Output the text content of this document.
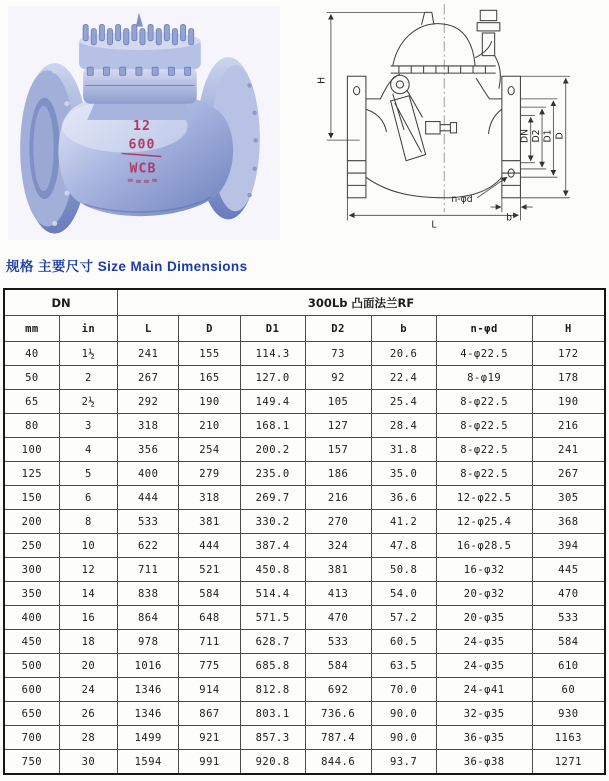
12
600
WCB
H
L
DN D2 D1 D
n-φd
b
规格 主要尺寸 Size Main Dimensions
DN		300Lb 凸面法兰RF						
mm	in	L	D	D1	D2	b	n-φd	H
40	1½	241	155	114.3	73	20.6	4-φ22.5	172
50	2	267	165	127.0	92	22.4	8-φ19	178
65	2½	292	190	149.4	105	25.4	8-φ22.5	190
80	3	318	210	168.1	127	28.4	8-φ22.5	216
100	4	356	254	200.2	157	31.8	8-φ22.5	241
125	5	400	279	235.0	186	35.0	8-φ22.5	267
150	6	444	318	269.7	216	36.6	12-φ22.5	305
200	8	533	381	330.2	270	41.2	12-φ25.4	368
250	10	622	444	387.4	324	47.8	16-φ28.5	394
300	12	711	521	450.8	381	50.8	16-φ32	445
350	14	838	584	514.4	413	54.0	20-φ32	470
400	16	864	648	571.5	470	57.2	20-φ35	533
450	18	978	711	628.7	533	60.5	24-φ35	584
500	20	1016	775	685.8	584	63.5	24-φ35	610
600	24	1346	914	812.8	692	70.0	24-φ41	60
650	26	1346	867	803.1	736.6	90.0	32-φ35	930
700	28	1499	921	857.3	787.4	90.0	36-φ35	1163
750	30	1594	991	920.8	844.6	93.7	36-φ38	1271
